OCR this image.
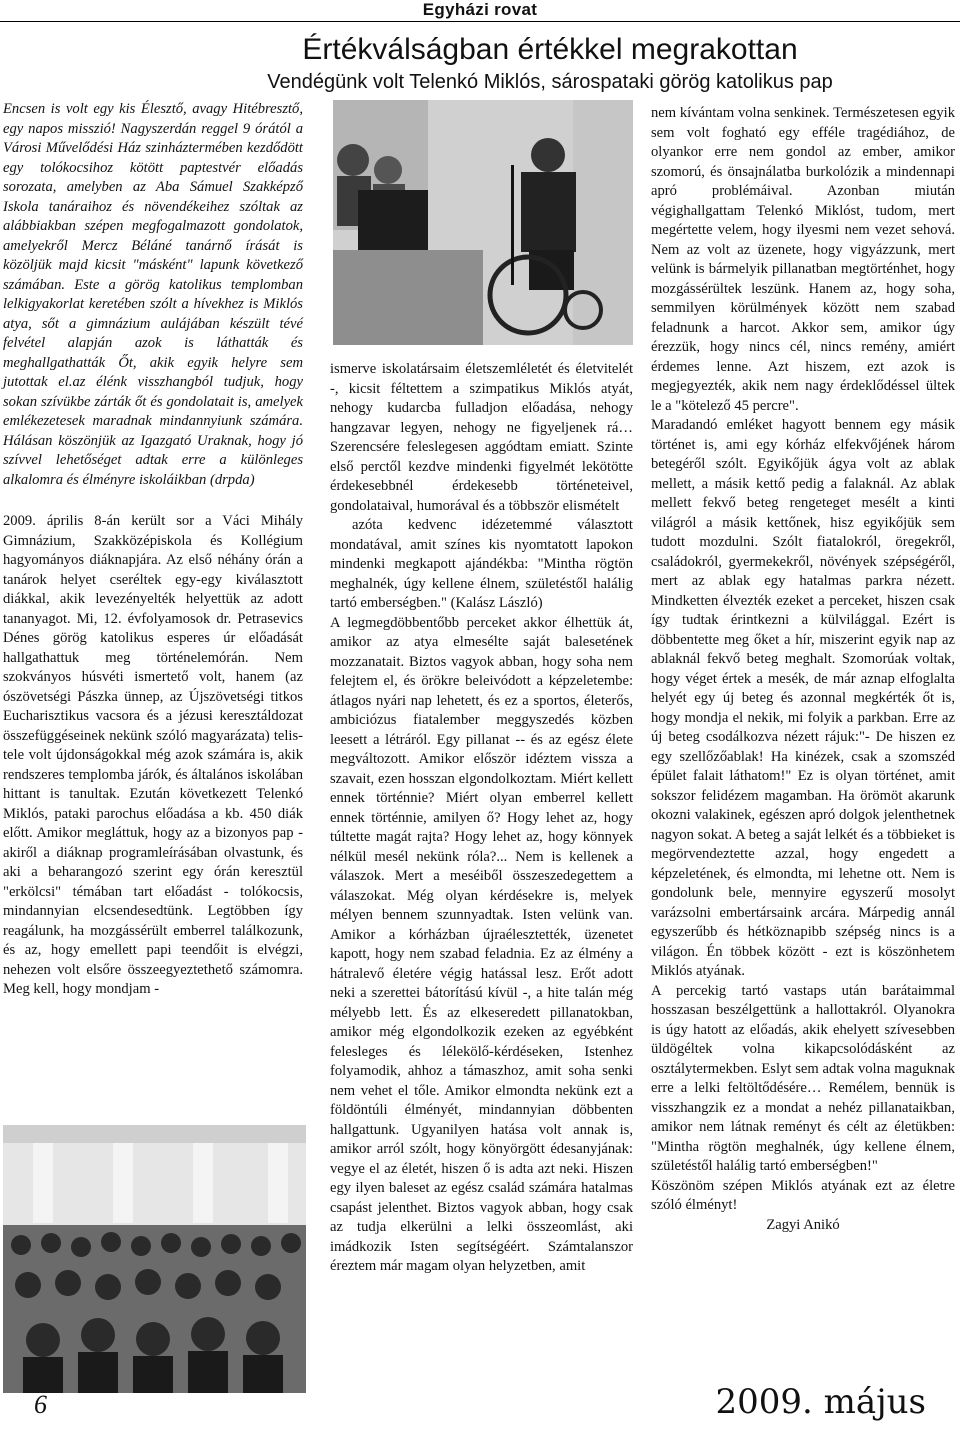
Egyházi rovat
Értékválságban értékkel megrakottan
Vendégünk volt Telenkó Miklós, sárospataki görög katolikus pap

Encsen is volt egy kis Élesztő, avagy Hitébresztő, egy napos misszió! Nagyszerdán reggel 9 órától a Városi Művelődési Ház szinháztermében kezdődött egy tolókocsihoz kötött paptestvér előadás sorozata, amelyben az Aba Sámuel Szakképző Iskola tanáraihoz és növendékeihez szóltak az alábbiakban szépen megfogalmazott gondolatok, amelyekről Mercz Béláné tanárnő írását is közöljük majd kicsit "másként" lapunk következő számában. Este a görög katolikus templomban lelkigyakorlat keretében szólt a hívekhez is Miklós atya, sőt a gimnázium aulájában készült tévé felvétel alapján azok is láthatták és meghallgathatták Őt, akik egyik helyre sem jutottak el.az élénk visszhangból tudjuk, hogy sokan szívükbe zárták őt és gondolatait is, amelyek emlékezetesek maradnak mindannyiunk számára. Hálásan köszönjük az Igazgató Uraknak, hogy jó szívvel lehetőséget adtak erre a különleges alkalomra és élményre iskoláikban (drpda)

2009. április 8-án került sor a Váci Mihály Gimnázium, Szakközépiskola és Kollégium hagyományos diáknapjára. Az első néhány órán a tanárok helyet cseréltek egy-egy kiválasztott diákkal, akik levezényelték helyettük az adott tananyagot. Mi, 12. évfolyamosok dr. Petrasevics Dénes görög katolikus esperes úr előadását hallgathattuk meg történelemórán. Nem szokványos húsvéti ismertető volt, hanem (az ószövetségi Pászka ünnep, az Újszövetségi titkos Eucharisztikus vacsora és a jézusi keresztáldozat összefüggéseinek nekünk szóló magyarázata) telis-tele volt újdonságokkal még azok számára is, akik rendszeres templomba járók, és általános iskolában hittant is tanultak. Ezután következett Telenkó Miklós, pataki parochus előadása a kb. 450 diák előtt. Amikor megláttuk, hogy az a bizonyos pap - akiről a diáknap programleírásában olvastunk, és aki a beharangozó szerint egy órán keresztül "erkölcsi" témában tart előadást - tolókocsis, mindannyian elcsendesedtünk. Legtöbben így reagálunk, ha mozgássérült emberrel találkozunk, és az, hogy emellett papi teendőit is elvégzi, nehezen volt elsőre összeegyeztethető számomra. Meg kell, hogy mondjam -

ismerve iskolatársaim életszemléletét és életvitelét -, kicsit féltettem a szimpatikus Miklós atyát, nehogy kudarcba fulladjon előadása, nehogy hangzavar legyen, nehogy ne figyeljenek rá… Szerencsére feleslegesen aggódtam emiatt. Szinte első perctől kezdve mindenki figyelmét lekötötte érdekesebbnél érdekesebb történeteivel, gondolataival, humorával és a többször elismételt

azóta kedvenc idézetemmé választott mondatával, amit színes kis nyomtatott lapokon mindenki megkapott ajándékba: "Mintha rögtön meghalnék, úgy kellene élnem, születéstől halálig tartó emberségben." (Kalász László)

A legmegdöbbentőbb perceket akkor élhettük át, amikor az atya elmesélte saját balesetének mozzanatait. Biztos vagyok abban, hogy soha nem felejtem el, és örökre beleivódott a képzeletembe: átlagos nyári nap lehetett, és ez a sportos, életerős, ambiciózus fiatalember meggyszedés közben leesett a létráról. Egy pillanat -- és az egész élete megváltozott. Amikor először idéztem vissza a szavait, ezen hosszan elgondolkoztam. Miért kellett ennek történnie? Miért olyan emberrel kellett ennek történnie, amilyen ő? Hogy lehet az, hogy túltette magát rajta? Hogy lehet az, hogy könnyek nélkül mesél nekünk róla?... Nem is kellenek a válaszok. Mert a meséiből összeszedegettem a válaszokat. Még olyan kérdésekre is, melyek mélyen bennem szunnyadtak. Isten velünk van. Amikor a kórházban újraélesztették, üzenetet kapott, hogy nem szabad feladnia. Ez az élmény a hátralevő életére végig hatással lesz. Erőt adott neki a szerettei bátorítású kívül -, a hite talán még mélyebb lett. És az elkeseredett pillanatokban, amikor még elgondolkozik ezeken az egyébként felesleges és lélekölő-kérdéseken, Istenhez folyamodik, ahhoz a támaszhoz, amit soha senki nem vehet el tőle. Amikor elmondta nekünk ezt a földöntúli élményét, mindannyian döbbenten hallgattunk. Ugyanilyen hatása volt annak is, amikor arról szólt, hogy könyörgött édesanyjának: vegye el az életét, hiszen ő is adta azt neki. Hiszen egy ilyen baleset az egész család számára hatalmas csapást jelenthet. Biztos vagyok abban, hogy csak az tudja elkerülni a lelki összeomlást, aki imádkozik Isten segítségéért. Számtalanszor éreztem már magam olyan helyzetben, amit

nem kívántam volna senkinek. Természetesen egyik sem volt fogható egy efféle tragédiához, de olyankor erre nem gondol az ember, amikor szomorú, és önsajnálatba burkolózik a mindennapi apró problémáival. Azonban miután végighallgattam Telenkó Miklóst, tudom, mert megértette velem, hogy ilyesmi nem vezet sehová. Nem az volt az üzenete, hogy vigyázzunk, mert velünk is bármelyik pillanatban megtörténhet, hogy mozgássérültek leszünk. Hanem az, hogy soha, semmilyen körülmények között nem szabad feladnunk a harcot. Akkor sem, amikor úgy érezzük, hogy nincs cél, nincs remény, amiért érdemes lenne. Azt hiszem, ezt azok is megjegyezték, akik nem nagy érdeklődéssel ültek le a "kötelező 45 percre".

Maradandó emléket hagyott bennem egy másik történet is, ami egy kórház elfekvőjének három betegéről szólt. Egyikőjük ágya volt az ablak mellett, a másik kettő pedig a falaknál. Az ablak mellett fekvő beteg rengeteget mesélt a kinti világról a másik kettőnek, hisz egyikőjük sem tudott mozdulni. Szólt fiatalokról, öregekről, családokról, gyermekekről, növények szépségéről, mert az ablak egy hatalmas parkra nézett. Mindketten élvezték ezeket a perceket, hiszen csak így tudtak érintkezni a külvilággal. Ezért is döbbentette meg őket a hír, miszerint egyik nap az ablaknál fekvő beteg meghalt. Szomorúak voltak, hogy véget értek a mesék, de már aznap elfoglalta helyét egy új beteg és azonnal megkérték őt is, hogy mondja el nekik, mi folyik a parkban. Erre az új beteg csodálkozva nézett rájuk:"- De hiszen ez egy szellőzőablak! Ha kinézek, csak a szomszéd épület falait láthatom!" Ez is olyan történet, amit sokszor felidézem magamban. Ha örömöt akarunk okozni valakinek, egészen apró dolgok jelenthetnek nagyon sokat. A beteg a saját lelkét és a többieket is megörvendeztette azzal, hogy engedett a képzeletének, és elmondta, mi lehetne ott. Nem is gondolunk bele, mennyire egyszerű mosolyt varázsolni embertársaink arcára. Márpedig annál egyszerűbb és hétköznapibb szépség nincs is a világon. Én többek között - ezt is köszönhetem Miklós atyának.

A percekig tartó vastaps után barátaimmal hosszasan beszélgettünk a hallottakról. Olyanokra is úgy hatott az előadás, akik ehelyett szívesebben üldögéltek volna kikapcsolódásként az osztálytermekben. Eslyt sem adtak volna maguknak erre a lelki feltöltődésére… Remélem, bennük is visszhangzik ez a mondat a nehéz pillanataikban, amikor nem látnak reményt és célt az életükben: "Mintha rögtön meghalnék, úgy kellene élnem, születéstől halálig tartó emberségben!"

Köszönöm szépen Miklós atyának ezt az életre szóló élményt!

Zagyi Anikó

6	2009. május
